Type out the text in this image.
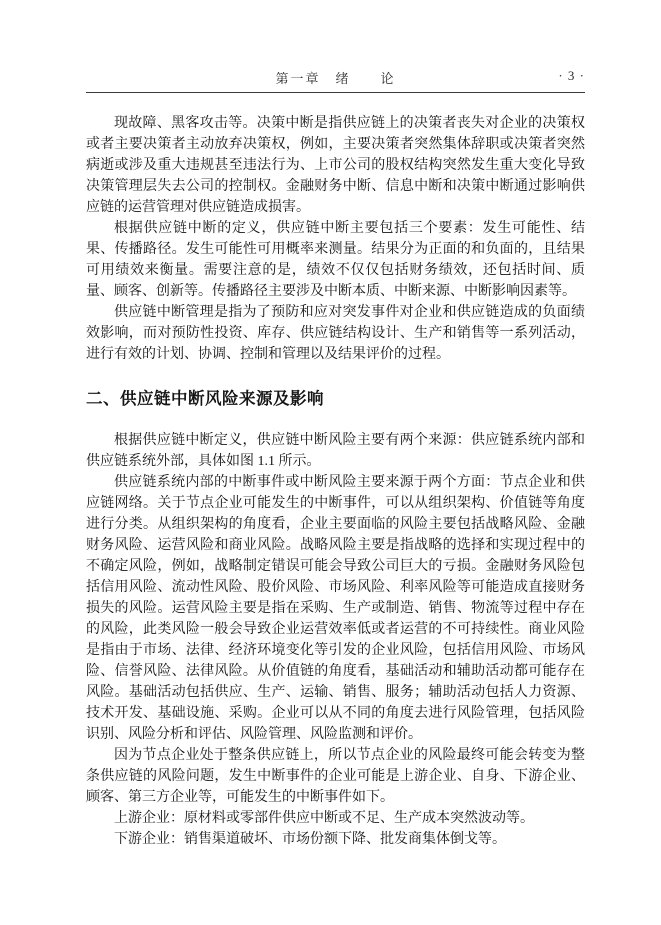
第一章　绪　　论	· 3 ·

现故障、黑客攻击等。决策中断是指供应链上的决策者丧失对企业的决策权或者主要决策者主动放弃决策权，例如，主要决策者突然集体辞职或决策者突然病逝或涉及重大违规甚至违法行为、上市公司的股权结构突然发生重大变化导致决策管理层失去公司的控制权。金融财务中断、信息中断和决策中断通过影响供应链的运营管理对供应链造成损害。

根据供应链中断的定义，供应链中断主要包括三个要素：发生可能性、结果、传播路径。发生可能性可用概率来测量。结果分为正面的和负面的，且结果可用绩效来衡量。需要注意的是，绩效不仅仅包括财务绩效，还包括时间、质量、顾客、创新等。传播路径主要涉及中断本质、中断来源、中断影响因素等。

供应链中断管理是指为了预防和应对突发事件对企业和供应链造成的负面绩效影响，而对预防性投资、库存、供应链结构设计、生产和销售等一系列活动，进行有效的计划、协调、控制和管理以及结果评价的过程。

二、供应链中断风险来源及影响

根据供应链中断定义，供应链中断风险主要有两个来源：供应链系统内部和供应链系统外部，具体如图 1.1 所示。

供应链系统内部的中断事件或中断风险主要来源于两个方面：节点企业和供应链网络。关于节点企业可能发生的中断事件，可以从组织架构、价值链等角度进行分类。从组织架构的角度看，企业主要面临的风险主要包括战略风险、金融财务风险、运营风险和商业风险。战略风险主要是指战略的选择和实现过程中的不确定风险，例如，战略制定错误可能会导致公司巨大的亏损。金融财务风险包括信用风险、流动性风险、股价风险、市场风险、利率风险等可能造成直接财务损失的风险。运营风险主要是指在采购、生产或制造、销售、物流等过程中存在的风险，此类风险一般会导致企业运营效率低或者运营的不可持续性。商业风险是指由于市场、法律、经济环境变化等引发的企业风险，包括信用风险、市场风险、信誉风险、法律风险。从价值链的角度看，基础活动和辅助活动都可能存在风险。基础活动包括供应、生产、运输、销售、服务；辅助活动包括人力资源、技术开发、基础设施、采购。企业可以从不同的角度去进行风险管理，包括风险识别、风险分析和评估、风险管理、风险监测和评价。

因为节点企业处于整条供应链上，所以节点企业的风险最终可能会转变为整条供应链的风险问题，发生中断事件的企业可能是上游企业、自身、下游企业、顾客、第三方企业等，可能发生的中断事件如下。

上游企业：原材料或零部件供应中断或不足、生产成本突然波动等。

下游企业：销售渠道破坏、市场份额下降、批发商集体倒戈等。
